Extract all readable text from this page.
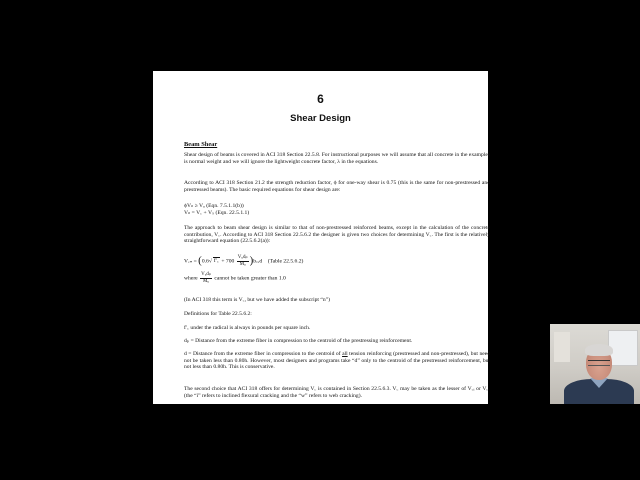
6
Shear Design
Beam Shear
Shear design of beams is covered in ACI 318 Section 22.5.8. For instructional purposes we will assume that all concrete in the examples is normal weight and we will ignore the lightweight concrete factor, λ in the equations.
According to ACI 318 Section 21.2 the strength reduction factor, ϕ for one-way shear is 0.75 (this is the same for non-prestressed and prestressed beams). The basic required equations for shear design are:
ϕVₙ ≥ Vᵤ (Eqn. 7.5.1.1(b))
Vₙ = V꜀ + Vₛ (Eqn. 22.5.1.1)
The approach to beam shear design is similar to that of non-prestressed reinforced beams, except in the calculation of the concrete contribution, V꜀. According to ACI 318 Section 22.5.6.2 the designer is given two choices for determining V꜀. The first is the relatively straightforward equation (22.5.6.2(a)):
V꜀ₙ = (0.6√ f′꜀ + $700 \frac{\text{Vᵤdₚ}}{\text{Mᵤ}}$ )bᵥᵥd (Table 22.5.6.2)
where $\frac{\text{Vᵤdₚ}}{\text{Mᵤ}}$ cannot be taken greater than 1.0
(In ACI 318 this term is V꜀, but we have added the subscript “n”)
Definitions for Table 22.5.6.2:
f′꜀ under the radical is always in pounds per square inch.
dₚ = Distance from the extreme fiber in compression to the centroid of the prestressing reinforcement.
d = Distance from the extreme fiber in compression to the centroid of all tension reinforcing (prestressed and non-prestressed), but need not be taken less than 0.80h. However, most designers and programs take “d” only to the centroid of the prestressed reinforcement, but not less than 0.80h. This is conservative.
The second choice that ACI 318 offers for determining V꜀ is contained in Section 22.5.6.3. V꜀ may be taken as the lesser of V꜀ᵢ or V꜀ᵥ (the “i” refers to inclined flexural cracking and the “w” refers to web cracking).
